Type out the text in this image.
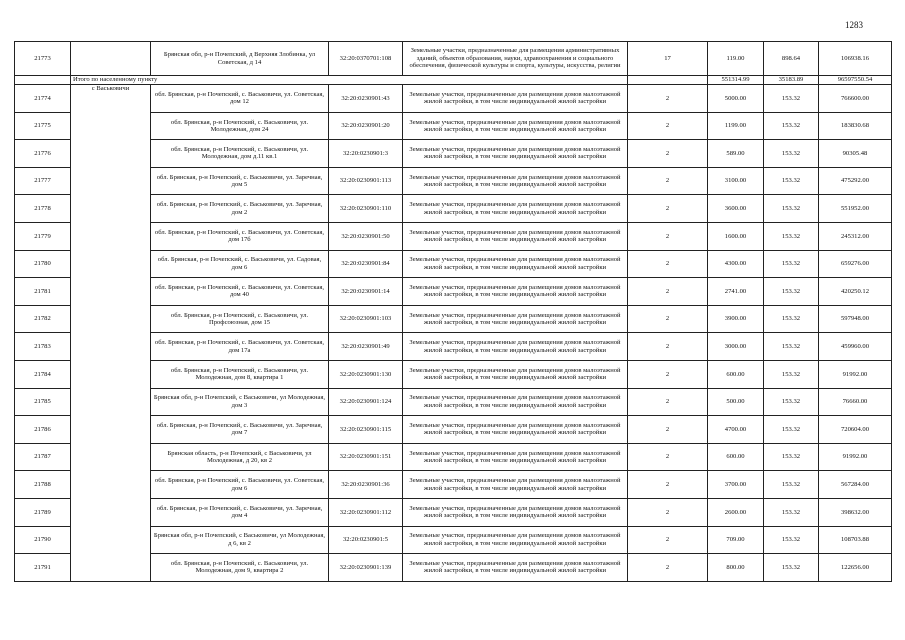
1283
21773		Брянская обл, р-н Почепский, д Верхняя Злобинка, ул Советская, д 14	32:20:0370701:108	Земельные участки, предназначенные для размещения административных зданий, объектов образования, науки, здравоохранения и социального обеспечения, физической культуры и спорта, культуры, искусства, религии	17	119.00	898.64	106938.16
	Итого по населенному пункту					551314.99	35183.89	96597550.54
21774	с Васьковичи	обл. Брянская, р-н Почепский, с. Васьковичи, ул. Советская, дом 12	32:20:0230901:43	Земельные участки, предназначенные для размещения домов малоэтажной жилой застройки, в том числе индивидуальной жилой застройки	2	5000.00	153.32	766600.00
21775		обл. Брянская, р-н Почепский, с. Васьковичи, ул. Молодежная, дом 24	32:20:0230901:20	Земельные участки, предназначенные для размещения домов малоэтажной жилой застройки, в том числе индивидуальной жилой застройки	2	1199.00	153.32	183830.68
21776		обл. Брянская, р-н Почепский, с. Васьковичи, ул. Молодежная, дом д.11 кв.1	32:20:0230901:3	Земельные участки, предназначенные для размещения домов малоэтажной жилой застройки, в том числе индивидуальной жилой застройки	2	589.00	153.32	90305.48
21777		обл. Брянская, р-н Почепский, с. Васьковичи, ул. Заречная, дом 5	32:20:0230901:113	Земельные участки, предназначенные для размещения домов малоэтажной жилой застройки, в том числе индивидуальной жилой застройки	2	3100.00	153.32	475292.00
21778		обл. Брянская, р-н Почепский, с. Васьковичи, ул. Заречная, дом 2	32:20:0230901:110	Земельные участки, предназначенные для размещения домов малоэтажной жилой застройки, в том числе индивидуальной жилой застройки	2	3600.00	153.32	551952.00
21779		обл. Брянская, р-н Почепский, с. Васьковичи, ул. Советская, дом 17б	32:20:0230901:50	Земельные участки, предназначенные для размещения домов малоэтажной жилой застройки, в том числе индивидуальной жилой застройки	2	1600.00	153.32	245312.00
21780		обл. Брянская, р-н Почепский, с. Васьковичи, ул. Садовая, дом 6	32:20:0230901:84	Земельные участки, предназначенные для размещения домов малоэтажной жилой застройки, в том числе индивидуальной жилой застройки	2	4300.00	153.32	659276.00
21781		обл. Брянская, р-н Почепский, с. Васьковичи, ул. Советская, дом 40	32:20:0230901:14	Земельные участки, предназначенные для размещения домов малоэтажной жилой застройки, в том числе индивидуальной жилой застройки	2	2741.00	153.32	420250.12
21782		обл. Брянская, р-н Почепский, с. Васьковичи, ул. Профсоюзная, дом 15	32:20:0230901:103	Земельные участки, предназначенные для размещения домов малоэтажной жилой застройки, в том числе индивидуальной жилой застройки	2	3900.00	153.32	597948.00
21783		обл. Брянская, р-н Почепский, с. Васьковичи, ул. Советская, дом 17а	32:20:0230901:49	Земельные участки, предназначенные для размещения домов малоэтажной жилой застройки, в том числе индивидуальной жилой застройки	2	3000.00	153.32	459960.00
21784		обл. Брянская, р-н Почепский, с. Васьковичи, ул. Молодежная, дом 8, квартира 1	32:20:0230901:130	Земельные участки, предназначенные для размещения домов малоэтажной жилой застройки, в том числе индивидуальной жилой застройки	2	600.00	153.32	91992.00
21785		Брянская обл, р-н Почепский, с Васьковичи, ул Молодежная, дом 3	32:20:0230901:124	Земельные участки, предназначенные для размещения домов малоэтажной жилой застройки, в том числе индивидуальной жилой застройки	2	500.00	153.32	76660.00
21786		обл. Брянская, р-н Почепский, с. Васьковичи, ул. Заречная, дом 7	32:20:0230901:115	Земельные участки, предназначенные для размещения домов малоэтажной жилой застройки, в том числе индивидуальной жилой застройки	2	4700.00	153.32	720604.00
21787		Брянская область, р-н Почепский, с Васьковичи, ул Молодежная, д 20, кв 2	32:20:0230901:151	Земельные участки, предназначенные для размещения домов малоэтажной жилой застройки, в том числе индивидуальной жилой застройки	2	600.00	153.32	91992.00
21788		обл. Брянская, р-н Почепский, с. Васьковичи, ул. Советская, дом 6	32:20:0230901:36	Земельные участки, предназначенные для размещения домов малоэтажной жилой застройки, в том числе индивидуальной жилой застройки	2	3700.00	153.32	567284.00
21789		обл. Брянская, р-н Почепский, с. Васьковичи, ул. Заречная, дом 4	32:20:0230901:112	Земельные участки, предназначенные для размещения домов малоэтажной жилой застройки, в том числе индивидуальной жилой застройки	2	2600.00	153.32	398632.00
21790		Брянская обл, р-н Почепский, с Васьковичи, ул Молодежная, д 6, кв 2	32:20:0230901:5	Земельные участки, предназначенные для размещения домов малоэтажной жилой застройки, в том числе индивидуальной жилой застройки	2	709.00	153.32	108703.88
21791		обл. Брянская, р-н Почепский, с. Васьковичи, ул. Молодежная, дом 9, квартира 2	32:20:0230901:139	Земельные участки, предназначенные для размещения домов малоэтажной жилой застройки, в том числе индивидуальной жилой застройки	2	800.00	153.32	122656.00
